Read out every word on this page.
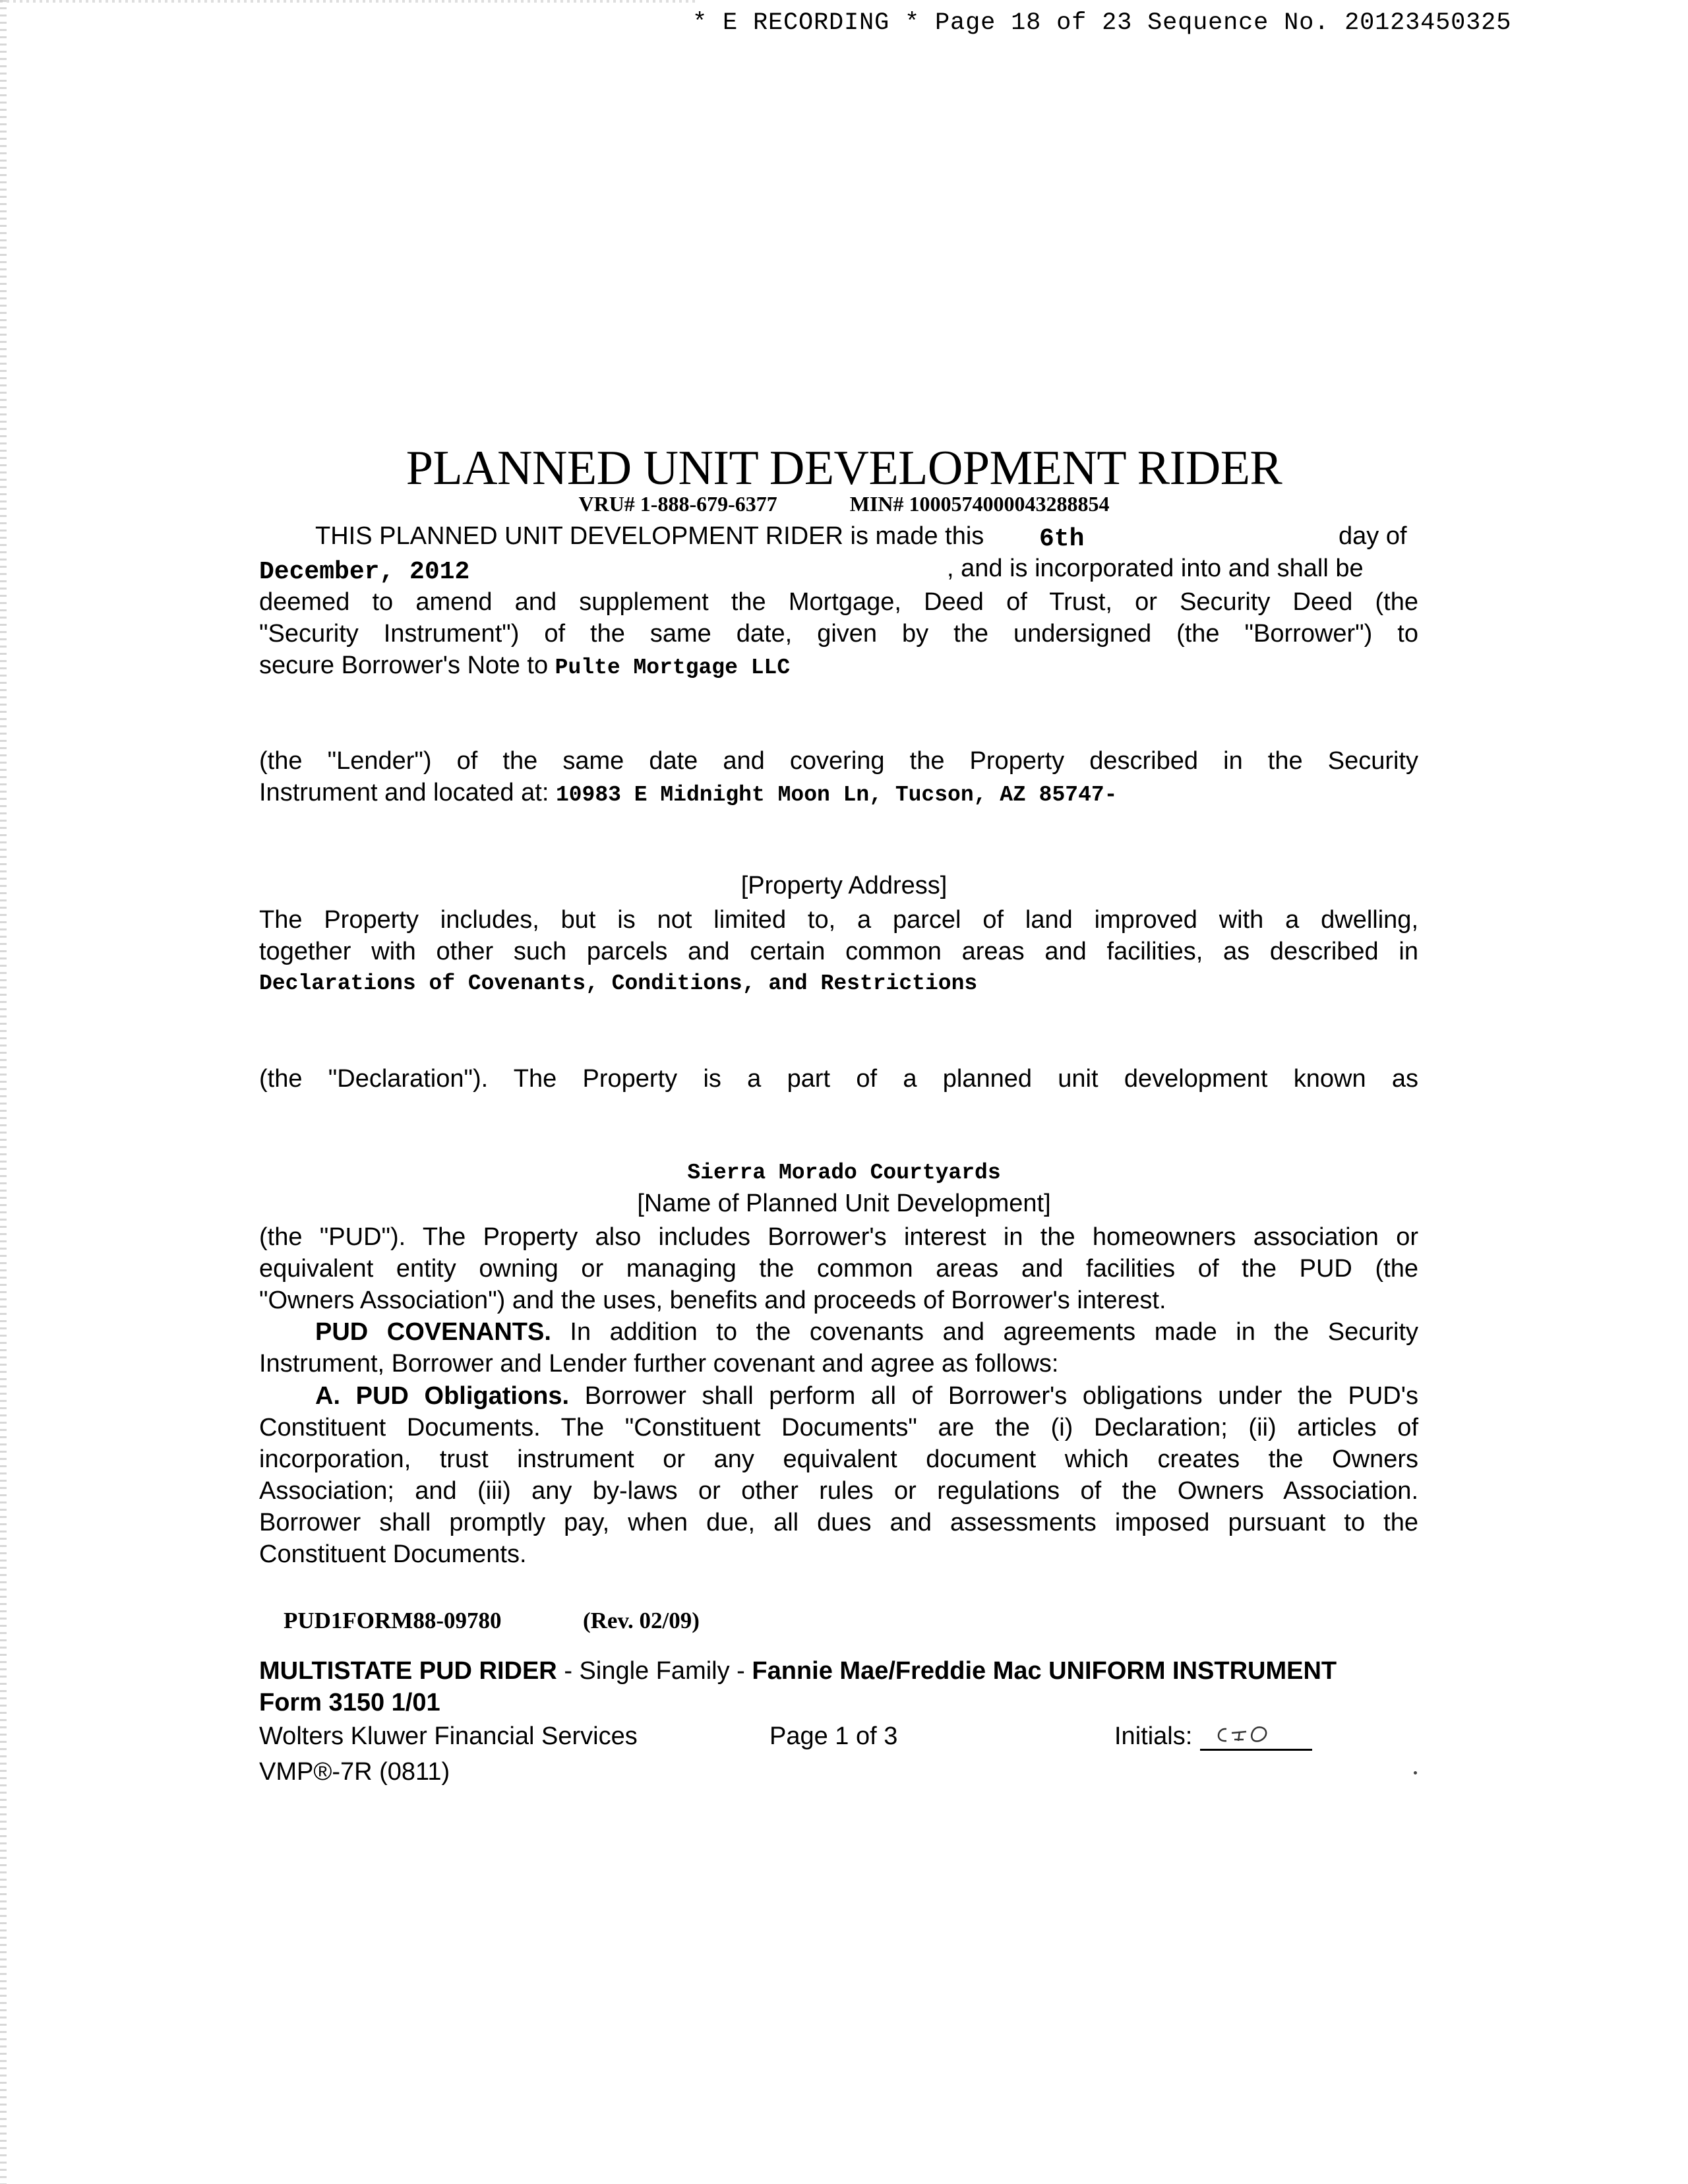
* E RECORDING * Page 18 of 23 Sequence No. 20123450325
PLANNED UNIT DEVELOPMENT RIDER
VRU# 1-888-679-6377	MIN# 1000574000043288854
THIS PLANNED UNIT DEVELOPMENT RIDER is made this 6th	day of
December, 2012	, and is incorporated into and shall be
deemed to amend and supplement the Mortgage, Deed of Trust, or Security Deed (the
"Security Instrument") of the same date, given by the undersigned (the "Borrower") to
secure Borrower's Note to Pulte Mortgage LLC
(the "Lender") of the same date and covering the Property described in the Security
Instrument and located at: 10983 E Midnight Moon Ln, Tucson, AZ 85747-
[Property Address]
The Property includes, but is not limited to, a parcel of land improved with a dwelling,
together with other such parcels and certain common areas and facilities, as described in
Declarations of Covenants, Conditions, and Restrictions
(the "Declaration"). The Property is a part of a planned unit development known as
Sierra Morado Courtyards
[Name of Planned Unit Development]
(the "PUD"). The Property also includes Borrower's interest in the homeowners association or
equivalent entity owning or managing the common areas and facilities of the PUD (the
"Owners Association") and the uses, benefits and proceeds of Borrower's interest.
PUD COVENANTS. In addition to the covenants and agreements made in the Security
Instrument, Borrower and Lender further covenant and agree as follows:
A. PUD Obligations. Borrower shall perform all of Borrower's obligations under the PUD's
Constituent Documents. The "Constituent Documents" are the (i) Declaration; (ii) articles of
incorporation, trust instrument or any equivalent document which creates the Owners
Association; and (iii) any by-laws or other rules or regulations of the Owners Association.
Borrower shall promptly pay, when due, all dues and assessments imposed pursuant to the
Constituent Documents.
PUD1FORM88-09780	(Rev. 02/09)
MULTISTATE PUD RIDER - Single Family - Fannie Mae/Freddie Mac UNIFORM INSTRUMENT
Form 3150 1/01
Wolters Kluwer Financial Services	Page 1 of 3	Initials:
VMP®-7R (0811)
